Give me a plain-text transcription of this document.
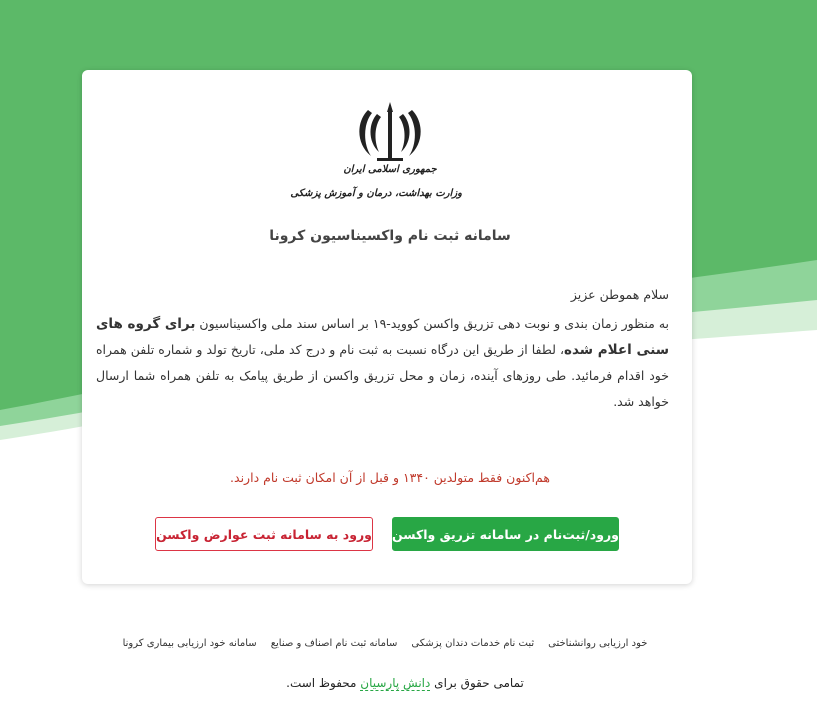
جمهوری اسلامی ایران
وزارت بهداشت، درمان و آموزش پزشکی
سامانه ثبت نام واکسیناسیون کرونا
سلام هموطن عزیز
به منظور زمان بندی و نوبت دهی تزریق واکسن کووید-۱۹ بر اساس سند ملی واکسیناسیون برای گروه های سنی اعلام شده، لطفا از طریق این درگاه نسبت به ثبت نام و درج کد ملی، تاریخ تولد و شماره تلفن همراه خود اقدام فرمائید. طی روزهای آینده، زمان و محل تزریق واکسن از طریق پیامک به تلفن همراه شما ارسال خواهد شد.
هم‌اکنون فقط متولدین ۱۳۴۰ و قبل از آن امکان ثبت نام دارند.
ورود/ثبت‌نام در سامانه تزریق واکسن
ورود به سامانه ثبت عوارض واکسن
سامانه خود ارزیابی بیماری کرونا سامانه ثبت نام اصناف و صنایع ثبت نام خدمات دندان پزشکی خود ارزیابی روانشناختی
تمامی حقوق برای دانش پارسیان محفوظ است.
